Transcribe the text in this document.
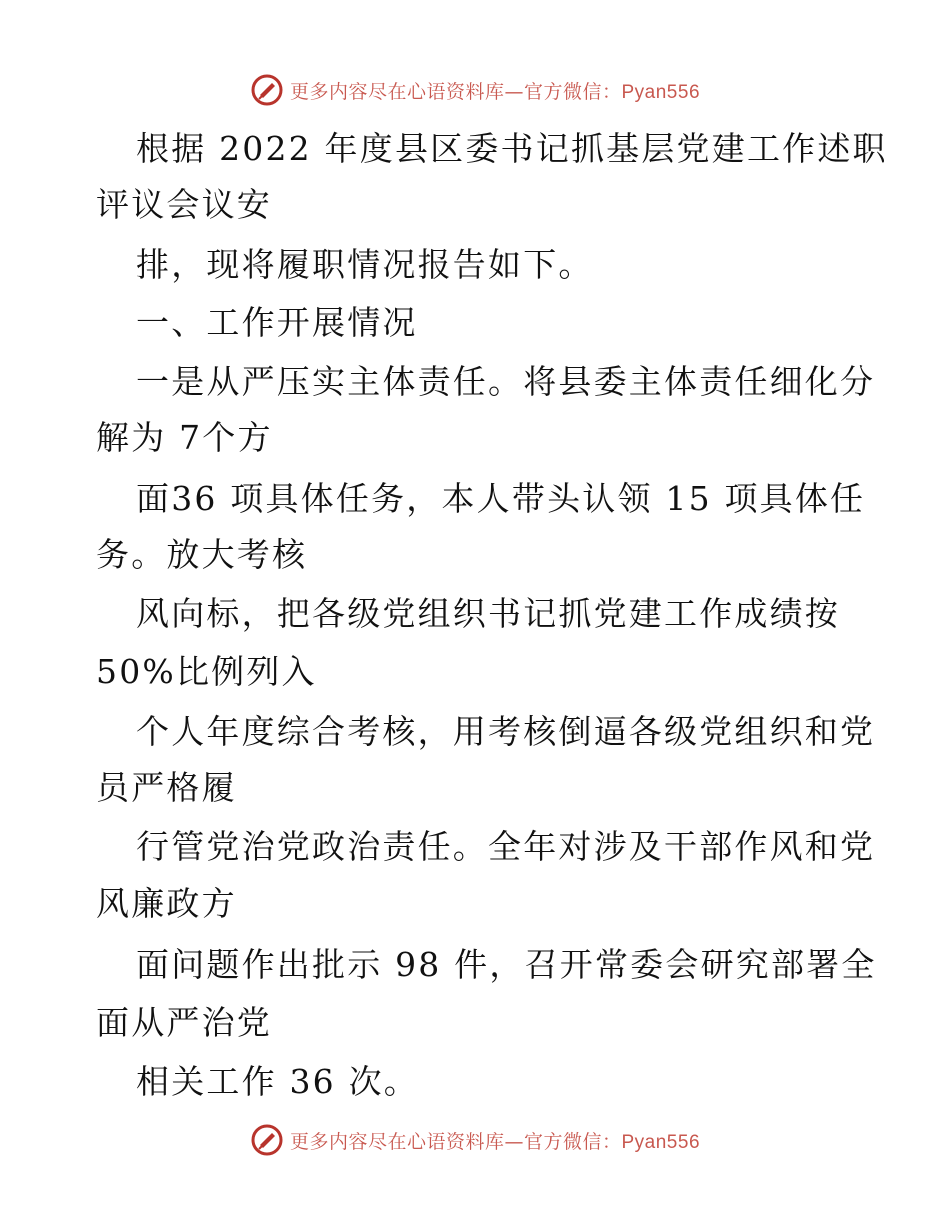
更多内容尽在心语资料库—官方微信：Pyan556
根据 2022 年度县区委书记抓基层党建工作述职
评议会议安
排，现将履职情况报告如下。
一、工作开展情况
一是从严压实主体责任。将县委主体责任细化分
解为 7个方
面36 项具体任务，本人带头认领 15 项具体任
务。放大考核
风向标，把各级党组织书记抓党建工作成绩按
50%比例列入
个人年度综合考核，用考核倒逼各级党组织和党
员严格履
行管党治党政治责任。全年对涉及干部作风和党
风廉政方
面问题作出批示 98 件，召开常委会研究部署全
面从严治党
相关工作 36 次。
更多内容尽在心语资料库—官方微信：Pyan556
